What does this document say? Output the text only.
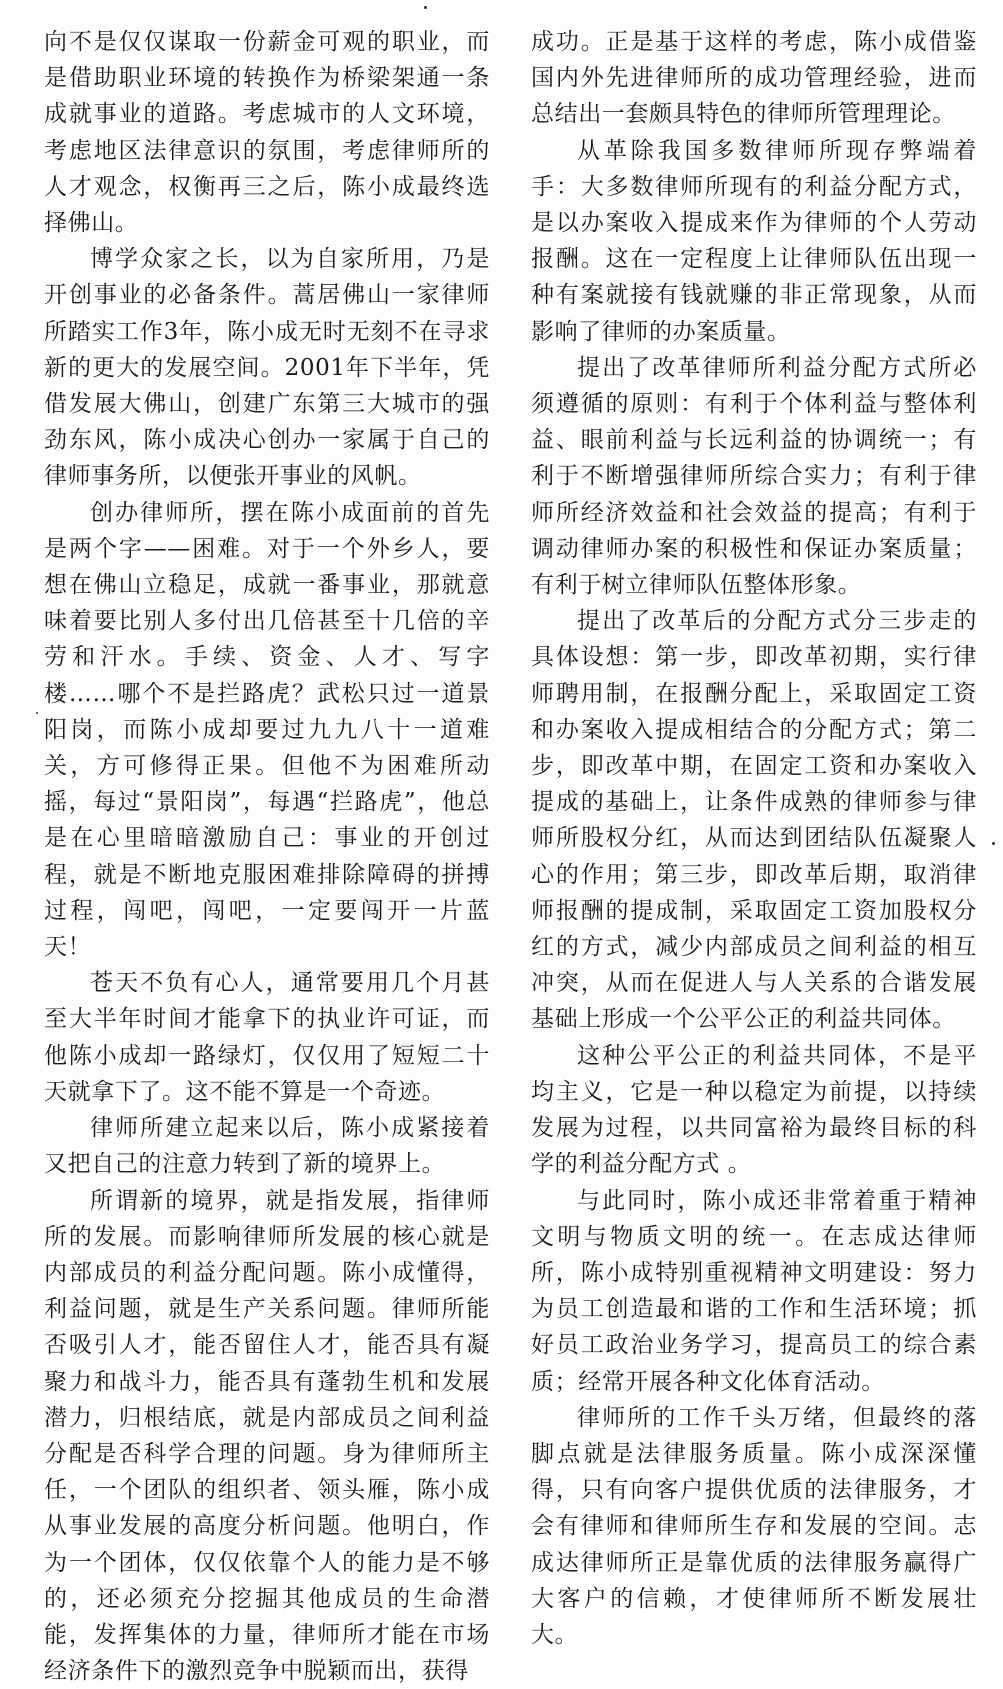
向不是仅仅谋取一份薪金可观的职业，而是借助职业环境的转换作为桥梁架通一条成就事业的道路。考虑城市的人文环境，考虑地区法律意识的氛围，考虑律师所的人才观念，权衡再三之后，陈小成最终选择佛山。

博学众家之长，以为自家所用，乃是开创事业的必备条件。蒿居佛山一家律师所踏实工作3年，陈小成无时无刻不在寻求新的更大的发展空间。2001年下半年，凭借发展大佛山，创建广东第三大城市的强劲东风，陈小成决心创办一家属于自己的律师事务所，以便张开事业的风帆。

创办律师所，摆在陈小成面前的首先是两个字——困难。对于一个外乡人，要想在佛山立稳足，成就一番事业，那就意味着要比别人多付出几倍甚至十几倍的辛劳和汗水。手续、资金、人才、写字楼……哪个不是拦路虎？武松只过一道景阳岗，而陈小成却要过九九八十一道难关，方可修得正果。但他不为困难所动摇，每过“景阳岗”，每遇“拦路虎”，他总是在心里暗暗激励自己：事业的开创过程，就是不断地克服困难排除障碍的拼搏过程，闯吧，闯吧，一定要闯开一片蓝天！

苍天不负有心人，通常要用几个月甚至大半年时间才能拿下的执业许可证，而他陈小成却一路绿灯，仅仅用了短短二十天就拿下了。这不能不算是一个奇迹。

律师所建立起来以后，陈小成紧接着又把自己的注意力转到了新的境界上。

所谓新的境界，就是指发展，指律师所的发展。而影响律师所发展的核心就是内部成员的利益分配问题。陈小成懂得，利益问题，就是生产关系问题。律师所能否吸引人才，能否留住人才，能否具有凝聚力和战斗力，能否具有蓬勃生机和发展潜力，归根结底，就是内部成员之间利益分配是否科学合理的问题。身为律师所主任，一个团队的组织者、领头雁，陈小成从事业发展的高度分析问题。他明白，作为一个团体，仅仅依靠个人的能力是不够的，还必须充分挖掘其他成员的生命潜能，发挥集体的力量，律师所才能在市场经济条件下的激烈竞争中脱颖而出，获得

成功。正是基于这样的考虑，陈小成借鉴国内外先进律师所的成功管理经验，进而总结出一套颇具特色的律师所管理理论。

从革除我国多数律师所现存弊端着手：大多数律师所现有的利益分配方式，是以办案收入提成来作为律师的个人劳动报酬。这在一定程度上让律师队伍出现一种有案就接有钱就赚的非正常现象，从而影响了律师的办案质量。

提出了改革律师所利益分配方式所必须遵循的原则：有利于个体利益与整体利益、眼前利益与长远利益的协调统一；有利于不断增强律师所综合实力；有利于律师所经济效益和社会效益的提高；有利于调动律师办案的积极性和保证办案质量；有利于树立律师队伍整体形象。

提出了改革后的分配方式分三步走的具体设想：第一步，即改革初期，实行律师聘用制，在报酬分配上，采取固定工资和办案收入提成相结合的分配方式；第二步，即改革中期，在固定工资和办案收入提成的基础上，让条件成熟的律师参与律师所股权分红，从而达到团结队伍凝聚人心的作用；第三步，即改革后期，取消律师报酬的提成制，采取固定工资加股权分红的方式，减少内部成员之间利益的相互冲突，从而在促进人与人关系的合谐发展基础上形成一个公平公正的利益共同体。

这种公平公正的利益共同体，不是平均主义，它是一种以稳定为前提，以持续发展为过程，以共同富裕为最终目标的科学的利益分配方式 。

与此同时，陈小成还非常着重于精神文明与物质文明的统一。在志成达律师所，陈小成特别重视精神文明建设：努力为员工创造最和谐的工作和生活环境；抓好员工政治业务学习，提高员工的综合素质；经常开展各种文化体育活动。

律师所的工作千头万绪，但最终的落脚点就是法律服务质量。陈小成深深懂得，只有向客户提供优质的法律服务，才会有律师和律师所生存和发展的空间。志成达律师所正是靠优质的法律服务赢得广大客户的信赖，才使律师所不断发展壮 大。
